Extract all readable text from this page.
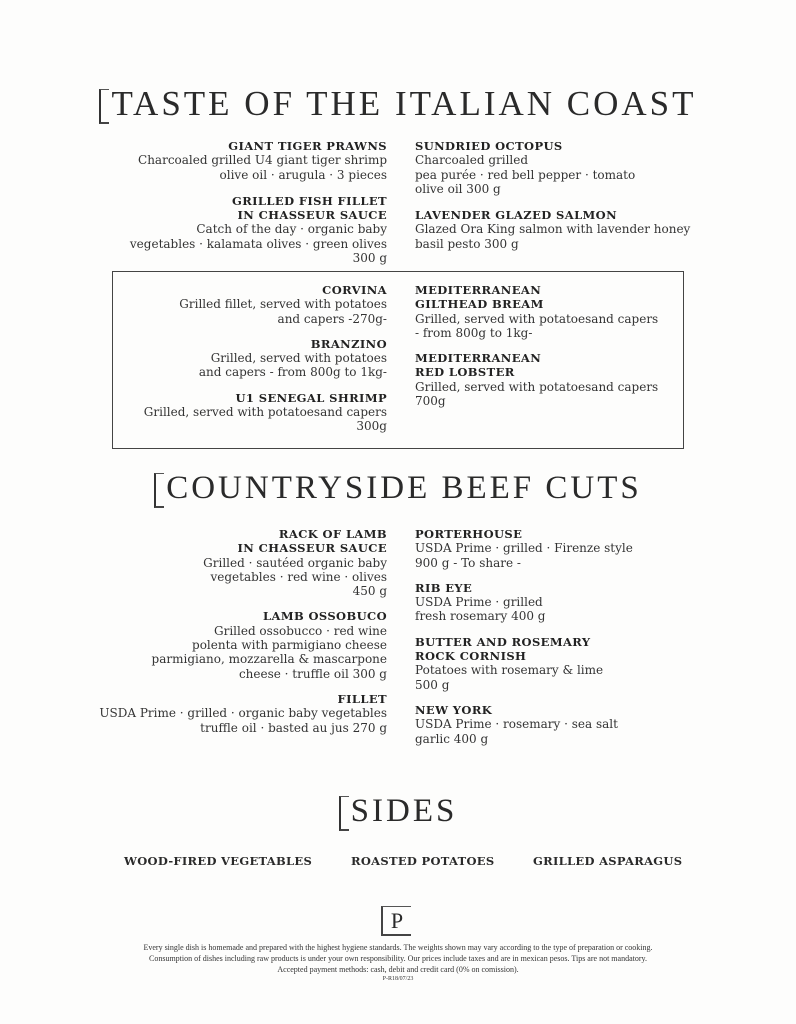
TASTE OF THE ITALIAN COAST
GIANT TIGER PRAWNS
Charcoaled grilled U4 giant tiger shrimp
olive oil · arugula · 3 pieces
GRILLED FISH FILLET
IN CHASSEUR SAUCE
Catch of the day · organic baby
vegetables · kalamata olives · green olives
300 g
SUNDRIED OCTOPUS
Charcoaled grilled
pea purée · red bell pepper · tomato
olive oil 300 g
LAVENDER GLAZED SALMON
Glazed Ora King salmon with lavender honey
basil pesto 300 g
CORVINA
Grilled fillet, served with potatoes
and capers -270g-
BRANZINO
Grilled, served with potatoes
and capers - from 800g to 1kg-
U1 SENEGAL SHRIMP
Grilled, served with potatoesand capers
300g
MEDITERRANEAN
GILTHEAD BREAM
Grilled, served with potatoesand capers
- from 800g to 1kg-
MEDITERRANEAN
RED LOBSTER
Grilled, served with potatoesand capers
700g
COUNTRYSIDE BEEF CUTS
RACK OF LAMB
IN CHASSEUR SAUCE
Grilled · sautéed organic baby
vegetables · red wine · olives
450 g
LAMB OSSOBUCO
Grilled ossobucco · red wine
polenta with parmigiano cheese
parmigiano, mozzarella & mascarpone
cheese · truffle oil 300 g
FILLET
USDA Prime · grilled · organic baby vegetables
truffle oil · basted au jus 270 g
PORTERHOUSE
USDA Prime · grilled · Firenze style
900 g - To share -
RIB EYE
USDA Prime · grilled
fresh rosemary 400 g
BUTTER AND ROSEMARY
ROCK CORNISH
Potatoes with rosemary & lime
500 g
NEW YORK
USDA Prime · rosemary · sea salt
garlic 400 g
SIDES
WOOD-FIRED VEGETABLES	ROASTED POTATOES	GRILLED ASPARAGUS
P
Every single dish is homemade and prepared with the highest hygiene standards. The weights shown may vary according to the type of preparation or cooking.
Consumption of dishes including raw products is under your own responsibility. Our prices include taxes and are in mexican pesos. Tips are not mandatory.
Accepted payment methods: cash, debit and credit card (0% on comission).
P-R18/07/23
